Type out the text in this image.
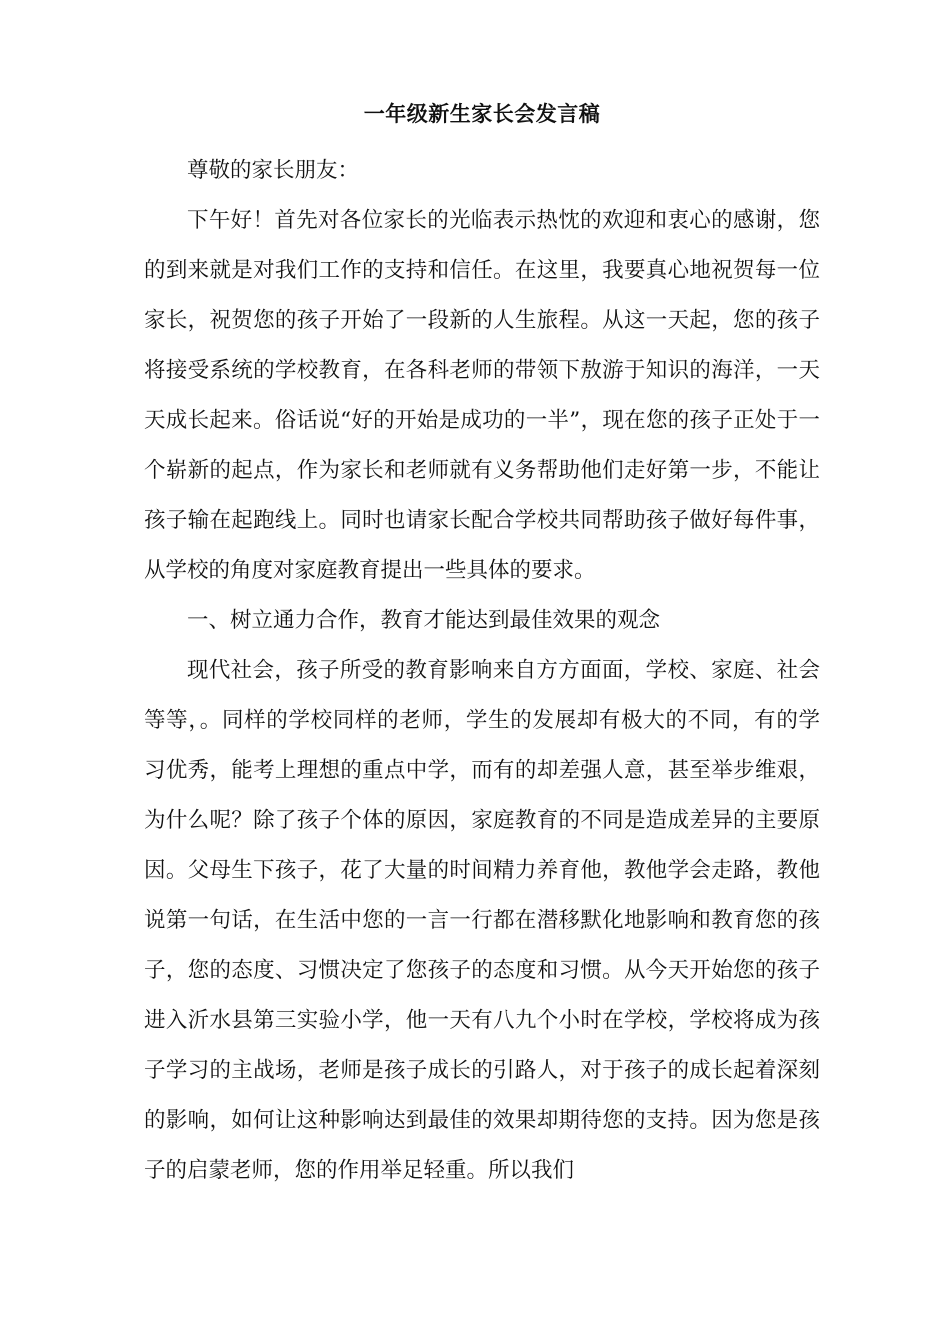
一年级新生家长会发言稿

尊敬的家长朋友：

下午好！首先对各位家长的光临表示热忱的欢迎和衷心的感谢，您的到来就是对我们工作的支持和信任。在这里，我要真心地祝贺每一位家长，祝贺您的孩子开始了一段新的人生旅程。从这一天起，您的孩子将接受系统的学校教育，在各科老师的带领下敖游于知识的海洋，一天天成长起来。俗话说“好的开始是成功的一半”，现在您的孩子正处于一个崭新的起点，作为家长和老师就有义务帮助他们走好第一步，不能让孩子输在起跑线上。同时也请家长配合学校共同帮助孩子做好每件事，从学校的角度对家庭教育提出一些具体的要求。

一、树立通力合作，教育才能达到最佳效果的观念

现代社会，孩子所受的教育影响来自方方面面，学校、家庭、社会等等，。同样的学校同样的老师，学生的发展却有极大的不同，有的学习优秀，能考上理想的重点中学，而有的却差强人意，甚至举步维艰，为什么呢？除了孩子个体的原因，家庭教育的不同是造成差异的主要原因。父母生下孩子，花了大量的时间精力养育他，教他学会走路，教他说第一句话，在生活中您的一言一行都在潜移默化地影响和教育您的孩子，您的态度、习惯决定了您孩子的态度和习惯。从今天开始您的孩子进入沂水县第三实验小学，他一天有八九个小时在学校，学校将成为孩子学习的主战场，老师是孩子成长的引路人，对于孩子的成长起着深刻的影响，如何让这种影响达到最佳的效果却期待您的支持。因为您是孩子的启蒙老师，您的作用举足轻重。所以我们
